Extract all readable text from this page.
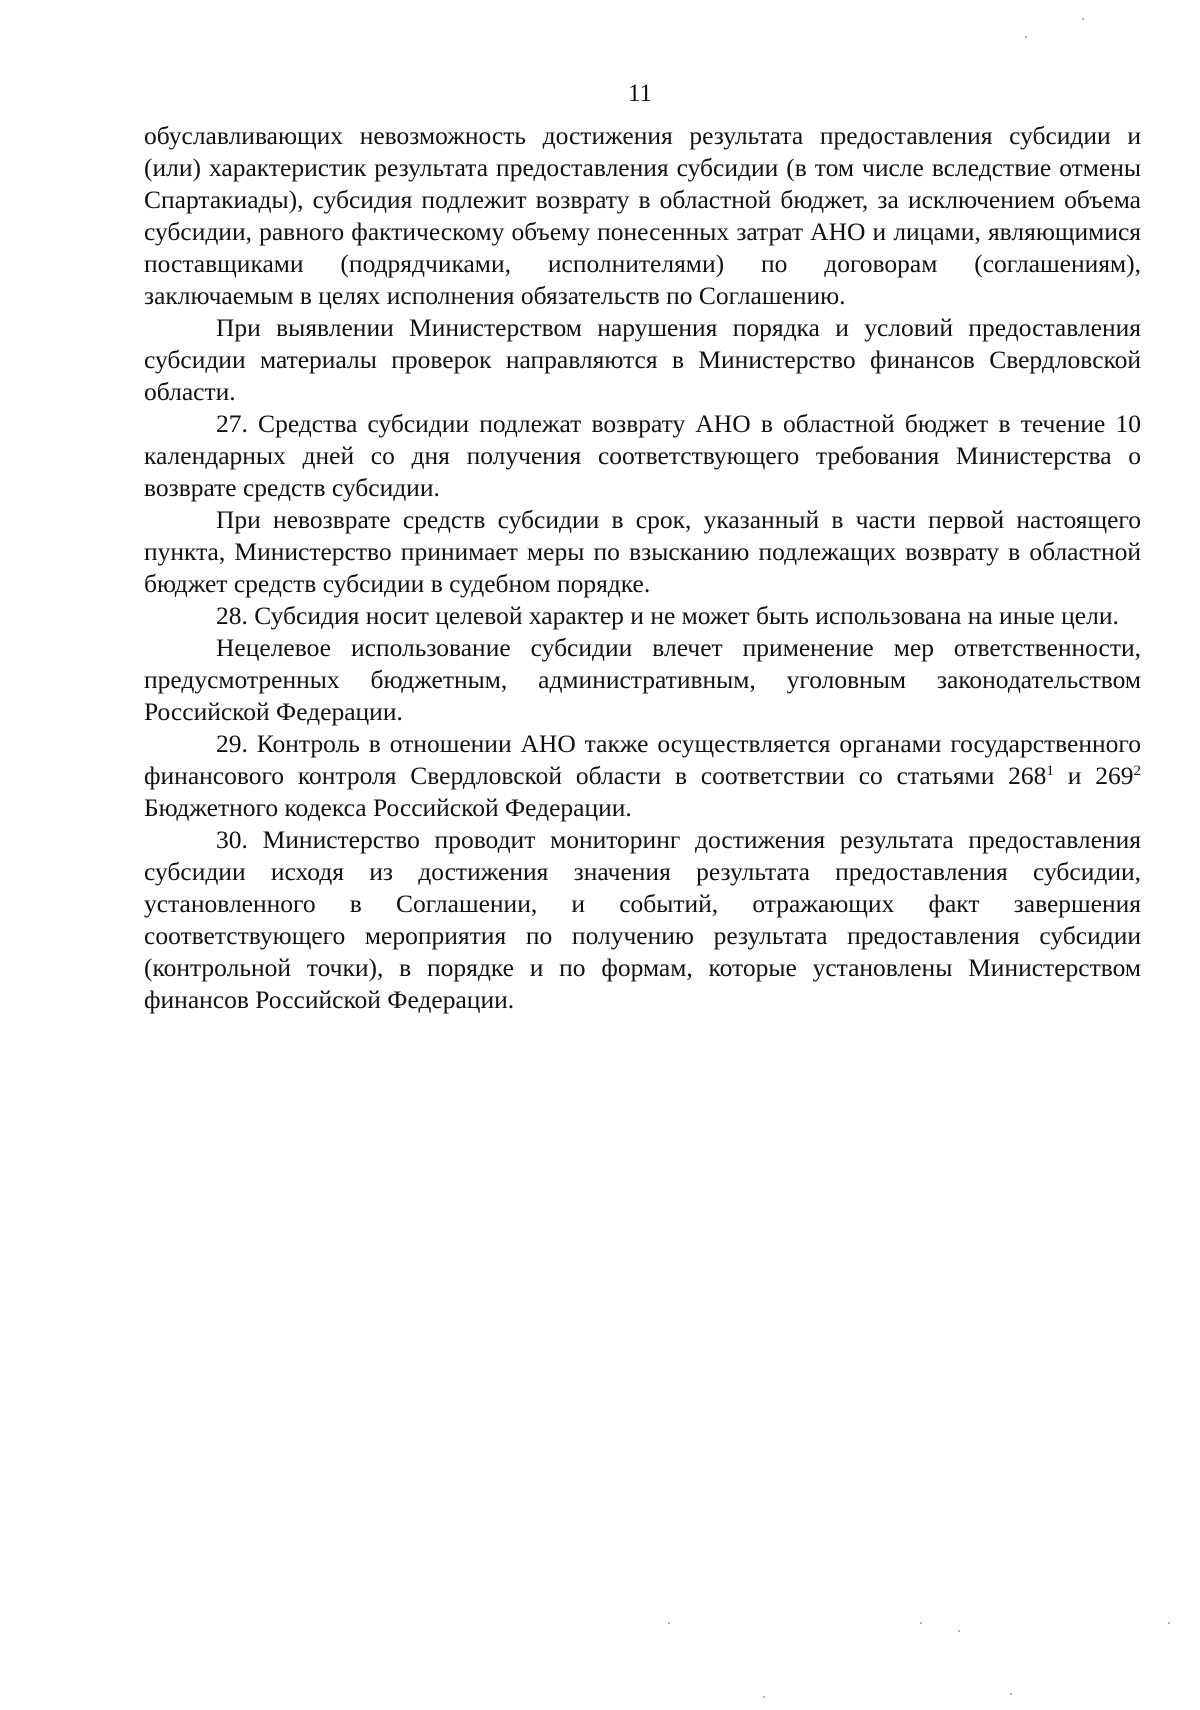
11

обуславливающих невозможность достижения результата предоставления субсидии и (или) характеристик результата предоставления субсидии (в том числе вследствие отмены Спартакиады), субсидия подлежит возврату в областной бюджет, за исключением объема субсидии, равного фактическому объему понесенных затрат АНО и лицами, являющимися поставщиками (подрядчиками, исполнителями) по договорам (соглашениям), заключаемым в целях исполнения обязательств по Соглашению.

При выявлении Министерством нарушения порядка и условий предоставления субсидии материалы проверок направляются в Министерство финансов Свердловской области.

27. Средства субсидии подлежат возврату АНО в областной бюджет в течение 10 календарных дней со дня получения соответствующего требования Министерства о возврате средств субсидии.

При невозврате средств субсидии в срок, указанный в части первой настоящего пункта, Министерство принимает меры по взысканию подлежащих возврату в областной бюджет средств субсидии в судебном порядке.

28. Субсидия носит целевой характер и не может быть использована на иные цели.

Нецелевое использование субсидии влечет применение мер ответственности, предусмотренных бюджетным, административным, уголовным законодательством Российской Федерации.

29. Контроль в отношении АНО также осуществляется органами государственного финансового контроля Свердловской области в соответствии со статьями $268^1$ и $269^2$ Бюджетного кодекса Российской Федерации.

30. Министерство проводит мониторинг достижения результата предоставления субсидии исходя из достижения значения результата предоставления субсидии, установленного в Соглашении, и событий, отражающих факт завершения соответствующего мероприятия по получению результата предоставления субсидии (контрольной точки), в порядке и по формам, которые установлены Министерством финансов Российской Федерации.
